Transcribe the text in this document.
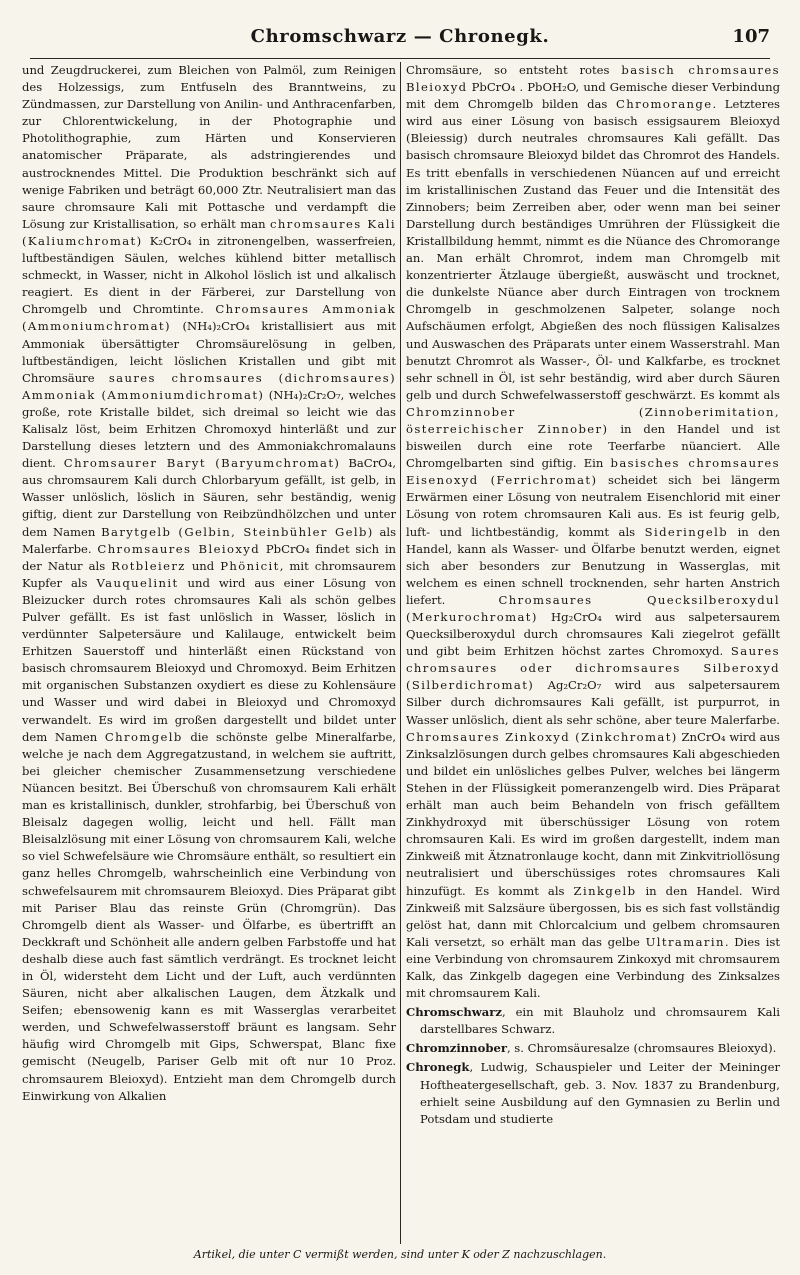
Chromschwarz — Chronegk.	107

und Zeugdruckerei, zum Bleichen von Palmöl, zum Reinigen des Holzessigs, zum Entfuseln des Branntweins, zu Zündmassen, zur Darstellung von Anilin- und Anthracenfarben, zur Chlorentwickelung, in der Photographie und Photolithographie, zum Härten und Konservieren anatomischer Präparate, als adstringierendes und austrocknendes Mittel. Die Produktion beschränkt sich auf wenige Fabriken und beträgt 60,000 Ztr. Neutralisiert man das saure chromsaure Kali mit Pottasche und verdampft die Lösung zur Kristallisation, so erhält man chromsaures Kali (Kaliumchromat) K₂CrO₄ in zitronengelben, wasserfreien, luftbeständigen Säulen, welches kühlend bitter metallisch schmeckt, in Wasser, nicht in Alkohol löslich ist und alkalisch reagiert. Es dient in der Färberei, zur Darstellung von Chromgelb und Chromtinte. Chromsaures Ammoniak (Ammoniumchromat) (NH₄)₂CrO₄ kristallisiert aus mit Ammoniak übersättigter Chromsäurelösung in gelben, luftbeständigen, leicht löslichen Kristallen und gibt mit Chromsäure saures chromsaures (dichromsaures) Ammoniak (Ammoniumdichromat) (NH₄)₂Cr₂O₇, welches große, rote Kristalle bildet, sich dreimal so leicht wie das Kalisalz löst, beim Erhitzen Chromoxyd hinterläßt und zur Darstellung dieses letztern und des Ammoniakchromalauns dient. Chromsaurer Baryt (Baryumchromat) BaCrO₄, aus chromsaurem Kali durch Chlorbaryum gefällt, ist gelb, in Wasser unlöslich, löslich in Säuren, sehr beständig, wenig giftig, dient zur Darstellung von Reibzündhölzchen und unter dem Namen Barytgelb (Gelbin, Steinbühler Gelb) als Malerfarbe. Chromsaures Bleioxyd PbCrO₄ findet sich in der Natur als Rotbleierz und Phönicit, mit chromsaurem Kupfer als Vauquelinit und wird aus einer Lösung von Bleizucker durch rotes chromsaures Kali als schön gelbes Pulver gefällt. Es ist fast unlöslich in Wasser, löslich in verdünnter Salpetersäure und Kalilauge, entwickelt beim Erhitzen Sauerstoff und hinterläßt einen Rückstand von basisch chromsaurem Bleioxyd und Chromoxyd. Beim Erhitzen mit organischen Substanzen oxydiert es diese zu Kohlensäure und Wasser und wird dabei in Bleioxyd und Chromoxyd verwandelt. Es wird im großen dargestellt und bildet unter dem Namen Chromgelb die schönste gelbe Mineralfarbe, welche je nach dem Aggregatzustand, in welchem sie auftritt, bei gleicher chemischer Zusammensetzung verschiedene Nüancen besitzt. Bei Überschuß von chromsaurem Kali erhält man es kristallinisch, dunkler, strohfarbig, bei Überschuß von Bleisalz dagegen wollig, leicht und hell. Fällt man Bleisalzlösung mit einer Lösung von chromsaurem Kali, welche so viel Schwefelsäure wie Chromsäure enthält, so resultiert ein ganz helles Chromgelb, wahrscheinlich eine Verbindung von schwefelsaurem mit chromsaurem Bleioxyd. Dies Präparat gibt mit Pariser Blau das reinste Grün (Chromgrün). Das Chromgelb dient als Wasser- und Ölfarbe, es übertrifft an Deckkraft und Schönheit alle andern gelben Farbstoffe und hat deshalb diese auch fast sämtlich verdrängt. Es trocknet leicht in Öl, widersteht dem Licht und der Luft, auch verdünnten Säuren, nicht aber alkalischen Laugen, dem Ätzkalk und Seifen; ebensowenig kann es mit Wasserglas verarbeitet werden, und Schwefelwasserstoff bräunt es langsam. Sehr häufig wird Chromgelb mit Gips, Schwerspat, Blanc fixe gemischt (Neugelb, Pariser Gelb mit oft nur 10 Proz. chromsaurem Bleioxyd). Entzieht man dem Chromgelb durch Einwirkung von Alkalien

Chromsäure, so entsteht rotes basisch chromsaures Bleioxyd PbCrO₄ . PbOH₂O, und Gemische dieser Verbindung mit dem Chromgelb bilden das Chromorange. Letzteres wird aus einer Lösung von basisch essigsaurem Bleioxyd (Bleiessig) durch neutrales chromsaures Kali gefällt. Das basisch chromsaure Bleioxyd bildet das Chromrot des Handels. Es tritt ebenfalls in verschiedenen Nüancen auf und erreicht im kristallinischen Zustand das Feuer und die Intensität des Zinnobers; beim Zerreiben aber, oder wenn man bei seiner Darstellung durch beständiges Umrühren der Flüssigkeit die Kristallbildung hemmt, nimmt es die Nüance des Chromorange an. Man erhält Chromrot, indem man Chromgelb mit konzentrierter Ätzlauge übergießt, auswäscht und trocknet, die dunkelste Nüance aber durch Eintragen von trocknem Chromgelb in geschmolzenen Salpeter, solange noch Aufschäumen erfolgt, Abgießen des noch flüssigen Kalisalzes und Auswaschen des Präparats unter einem Wasserstrahl. Man benutzt Chromrot als Wasser-, Öl- und Kalkfarbe, es trocknet sehr schnell in Öl, ist sehr beständig, wird aber durch Säuren gelb und durch Schwefelwasserstoff geschwärzt. Es kommt als Chromzinnober (Zinnoberimitation, österreichischer Zinnober) in den Handel und ist bisweilen durch eine rote Teerfarbe nüanciert. Alle Chromgelbarten sind giftig. Ein basisches chromsaures Eisenoxyd (Ferrichromat) scheidet sich bei längerm Erwärmen einer Lösung von neutralem Eisenchlorid mit einer Lösung von rotem chromsauren Kali aus. Es ist feurig gelb, luft- und lichtbeständig, kommt als Sideringelb in den Handel, kann als Wasser- und Ölfarbe benutzt werden, eignet sich aber besonders zur Benutzung in Wasserglas, mit welchem es einen schnell trocknenden, sehr harten Anstrich liefert.	Chromsaures Quecksilberoxydul (Merkurochromat) Hg₂CrO₄ wird aus salpetersaurem Quecksilberoxydul durch chromsaures Kali ziegelrot gefällt und gibt beim Erhitzen höchst zartes Chromoxyd. Saures chromsaures oder dichromsaures Silberoxyd (Silberdichromat) Ag₂Cr₂O₇ wird aus salpetersaurem Silber durch dichromsaures Kali gefällt, ist purpurrot, in Wasser unlöslich, dient als sehr schöne, aber teure Malerfarbe. Chromsaures Zinkoxyd (Zinkchromat) ZnCrO₄ wird aus Zinksalzlösungen durch gelbes chromsaures Kali abgeschieden und bildet ein unlösliches gelbes Pulver, welches bei längerm Stehen in der Flüssigkeit pomeranzengelb wird. Dies Präparat erhält man auch beim Behandeln von frisch gefälltem Zinkhydroxyd mit überschüssiger Lösung von rotem chromsauren Kali. Es wird im großen dargestellt, indem man Zinkweiß mit Ätznatronlauge kocht, dann mit Zinkvitriollösung neutralisiert und überschüssiges rotes chromsaures Kali hinzufügt. Es kommt als Zinkgelb in den Handel. Wird Zinkweiß mit Salzsäure übergossen, bis es sich fast vollständig gelöst hat, dann mit Chlorcalcium und gelbem chromsauren Kali versetzt, so erhält man das gelbe Ultramarin. Dies ist eine Verbindung von chromsaurem Zinkoxyd mit chromsaurem Kalk, das Zinkgelb dagegen eine Verbindung des Zinksalzes mit chromsaurem Kali.

Chromschwarz, ein mit Blauholz und chromsaurem Kali darstellbares Schwarz.

Chromzinnober, s. Chromsäuresalze (chromsaures Bleioxyd).

Chronegk, Ludwig, Schauspieler und Leiter der Meininger Hoftheatergesellschaft, geb. 3. Nov. 1837 zu Brandenburg, erhielt seine Ausbildung auf den Gymnasien zu Berlin und Potsdam und studierte

Artikel, die unter C vermißt werden, sind unter K oder Z nachzuschlagen.
